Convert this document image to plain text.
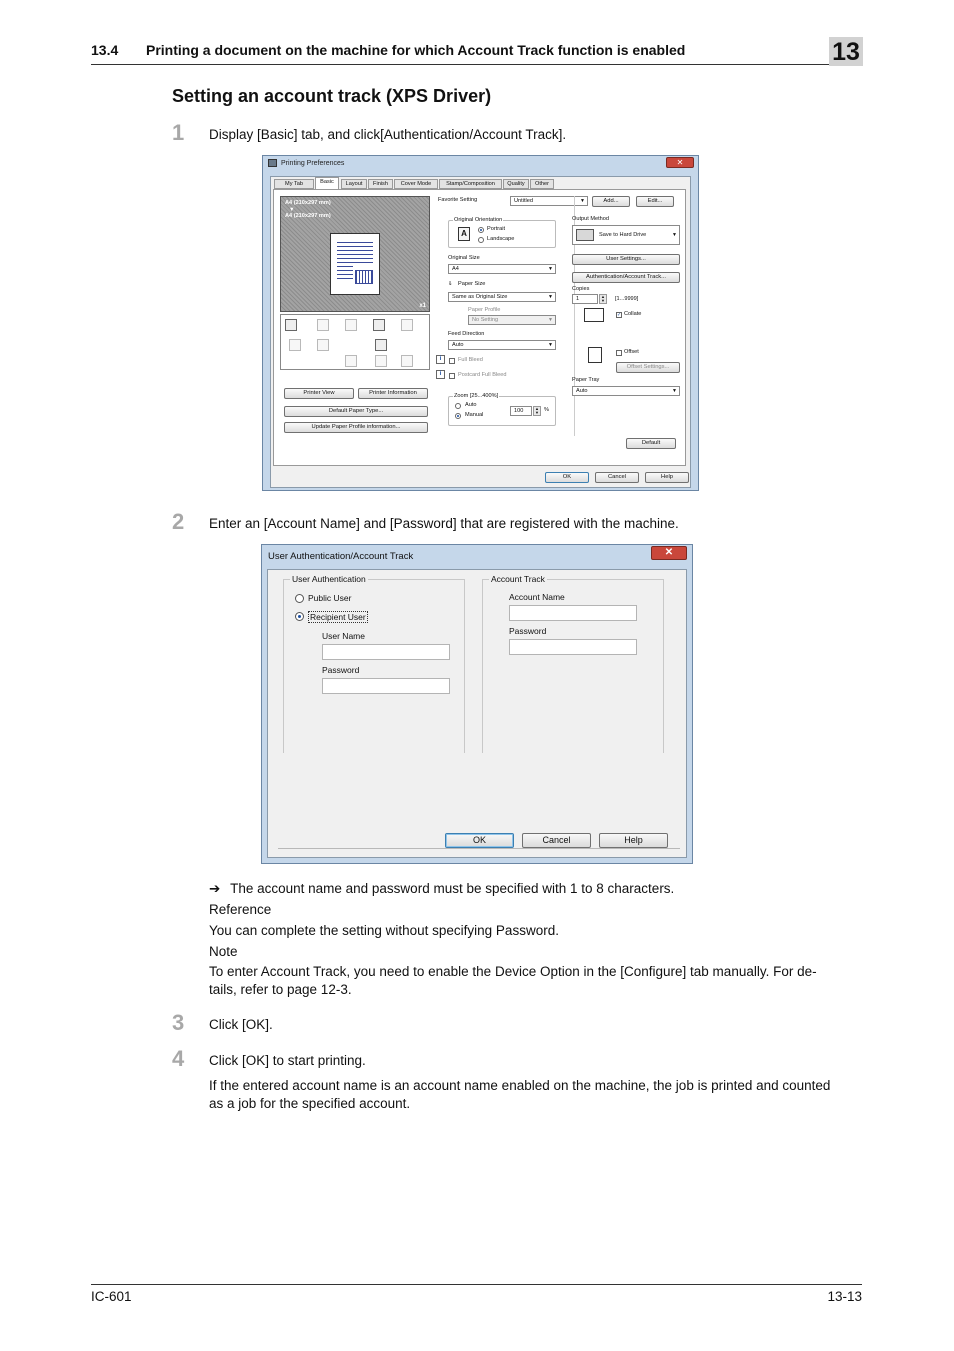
13.4 Printing a document on the machine for which Account Track function is enabled	13
Setting an account track (XPS Driver)
1 Display [Basic] tab, and click[Authentication/Account Track].
Printing Preferences	✕
My Tab	Basic	Layout	Finish	Cover Mode	Stamp/Composition	Quality	Other
A4 (210x297 mm)
▼
A4 (210x297 mm)
x1
Printer View	Printer Information
Default Paper Type...
Update Paper Profile information...
Favorite Setting	Untitled	▼	Add...	Edit...
Original Orientation
A	Portrait
Landscape
Original Size
A4	▼
⇓ Paper Size
Same as Original Size	▼
Paper Profile
No Setting	▼
Feed Direction
Auto	▼
i	Full Bleed
i	Postcard Full Bleed
Zoom [25...400%]
Auto
Manual
100	▲
▼ %
Output Method
Save to Hard Drive	▼
User Settings...
Authentication/Account Track...
Copies
1	▲
▼	[1...9999]
✓ Collate
Offset
Offset Settings...
Paper Tray
Auto	▼
Default
OK	Cancel	Help
2 Enter an [Account Name] and [Password] that are registered with the machine.
User Authentication/Account Track	✕
User Authentication
Public User
Recipient User
User Name
Password
Account Track
Account Name
Password
OK	Cancel	Help
➔ The account name and password must be specified with 1 to 8 characters.
Reference
You can complete the setting without specifying Password.
Note
To enter Account Track, you need to enable the Device Option in the [Configure] tab manually. For de-
tails, refer to page 12-3.
3 Click [OK].
4 Click [OK] to start printing.
If the entered account name is an account name enabled on the machine, the job is printed and counted
as a job for the specified account.
IC-601	13-13
